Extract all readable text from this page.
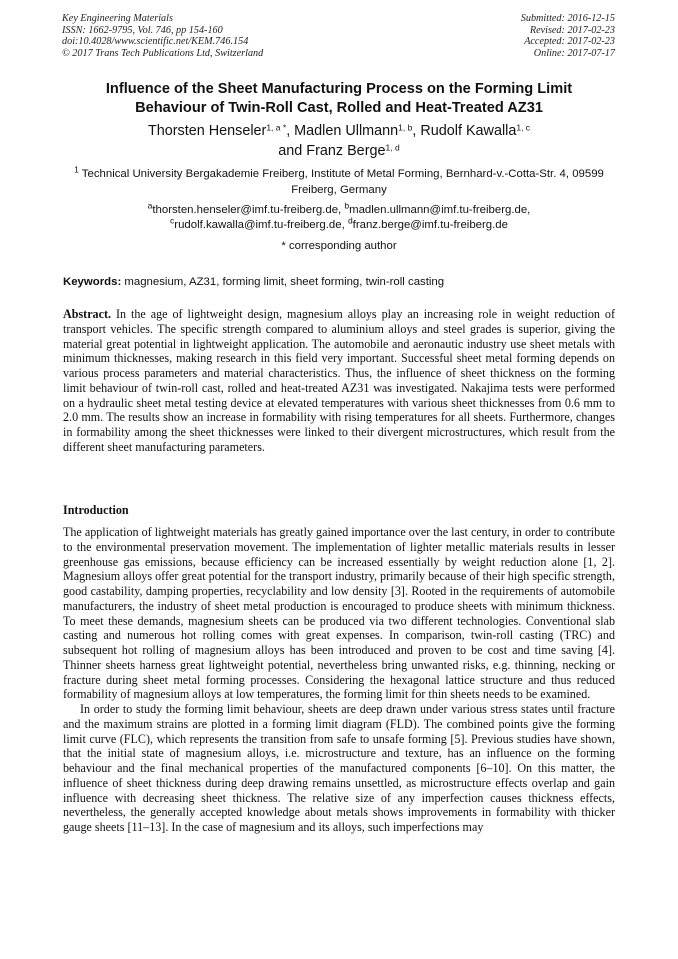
Key Engineering Materials
ISSN: 1662-9795, Vol. 746, pp 154-160
doi:10.4028/www.scientific.net/KEM.746.154
© 2017 Trans Tech Publications Ltd, Switzerland
Submitted: 2016-12-15
Revised: 2017-02-23
Accepted: 2017-02-23
Online: 2017-07-17
Influence of the Sheet Manufacturing Process on the Forming Limit
Behaviour of Twin-Roll Cast, Rolled and Heat-Treated AZ31
Thorsten Henseler$^{1, a *}$, Madlen Ullmann$^{1, b}$, Rudolf Kawalla$^{1, c}$
and Franz Berge$^{1, d}$
$^1$ Technical University Bergakademie Freiberg, Institute of Metal Forming, Bernhard-v.-Cotta-Str. 4, 09599 Freiberg, Germany
$^a$thorsten.henseler@imf.tu-freiberg.de, $^b$madlen.ullmann@imf.tu-freiberg.de,
$^c$rudolf.kawalla@imf.tu-freiberg.de, $^d$franz.berge@imf.tu-freiberg.de
* corresponding author
Keywords: magnesium, AZ31, forming limit, sheet forming, twin-roll casting
Abstract. In the age of lightweight design, magnesium alloys play an increasing role in weight reduction of transport vehicles. The specific strength compared to aluminium alloys and steel grades is superior, giving the material great potential in lightweight application. The automobile and aeronautic industry use sheet metals with minimum thicknesses, making research in this field very important. Successful sheet metal forming depends on various process parameters and material characteristics. Thus, the influence of sheet thickness on the forming limit behaviour of twin-roll cast, rolled and heat-treated AZ31 was investigated. Nakajima tests were performed on a hydraulic sheet metal testing device at elevated temperatures with various sheet thicknesses from 0.6 mm to 2.0 mm. The results show an increase in formability with rising temperatures for all sheets. Furthermore, changes in formability among the sheet thicknesses were linked to their divergent microstructures, which result from the different sheet manufacturing parameters.
Introduction

The application of lightweight materials has greatly gained importance over the last century, in order to contribute to the environmental preservation movement. The implementation of lighter metallic materials results in lesser greenhouse gas emissions, because efficiency can be increased essentially by weight reduction alone [1, 2]. Magnesium alloys offer great potential for the transport industry, primarily because of their high specific strength, good castability, damping properties, recyclability and low density [3]. Rooted in the requirements of automobile manufacturers, the industry of sheet metal production is encouraged to produce sheets with minimum thickness. To meet these demands, magnesium sheets can be produced via two different technologies. Conventional slab casting and numerous hot rolling comes with great expenses. In comparison, twin-roll casting (TRC) and subsequent hot rolling of magnesium alloys has been introduced and proven to be cost and time saving [4]. Thinner sheets harness great lightweight potential, nevertheless bring unwanted risks, e.g. thinning, necking or fracture during sheet metal forming processes. Considering the hexagonal lattice structure and thus reduced formability of magnesium alloys at low temperatures, the forming limit for thin sheets needs to be examined.

In order to study the forming limit behaviour, sheets are deep drawn under various stress states until fracture and the maximum strains are plotted in a forming limit diagram (FLD). The combined points give the forming limit curve (FLC), which represents the transition from safe to unsafe forming [5]. Previous studies have shown, that the initial state of magnesium alloys, i.e. microstructure and texture, has an influence on the forming behaviour and the final mechanical properties of the manufactured components [6–10]. On this matter, the influence of sheet thickness during deep drawing remains unsettled, as microstructure effects overlap and gain influence with decreasing sheet thickness. The relative size of any imperfection causes thickness effects, nevertheless, the generally accepted knowledge about metals shows improvements in formability with thicker gauge sheets [11–13]. In the case of magnesium and its alloys, such imperfections may
